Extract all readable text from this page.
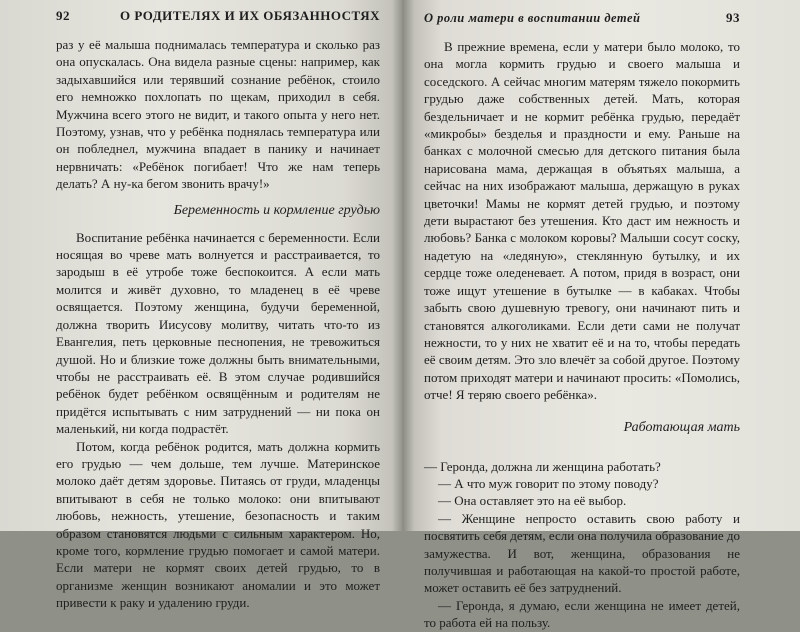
92	О РОДИТЕЛЯХ И ИХ ОБЯЗАННОСТЯХ

раз у её малыша поднималась температура и сколько раз она опускалась. Она видела разные сцены: например, как задыхавшийся или терявший сознание ребёнок, стоило его немножко похлопать по щекам, приходил в себя. Мужчина всего этого не видит, и такого опыта у него нет. Поэтому, узнав, что у ребёнка поднялась температура или он побледнел, мужчина впадает в панику и начинает нервничать: «Ребёнок погибает! Что же нам теперь делать? А ну-ка бегом звонить врачу!»

Беременность и кормление грудью

Воспитание ребёнка начинается с беременности. Если носящая во чреве мать волнуется и расстраивается, то зародыш в её утробе тоже беспокоится. А если мать молится и живёт духовно, то младенец в её чреве освящается. Поэтому женщина, будучи беременной, должна творить Иисусову молитву, читать что-то из Евангелия, петь церковные песнопения, не тревожиться душой. Но и близкие тоже должны быть внимательными, чтобы не расстраивать её. В этом случае родившийся ребёнок будет ребёнком освящённым и родителям не придётся испытывать с ним затруднений — ни пока он маленький, ни когда подрастёт.

Потом, когда ребёнок родится, мать должна кормить его грудью — чем дольше, тем лучше. Материнское молоко даёт детям здоровье. Питаясь от груди, младенцы впитывают в себя не только молоко: они впитывают любовь, нежность, утешение, безопасность и таким образом становятся людьми с сильным характером. Но, кроме того, кормление грудью помогает и самой матери. Если матери не кормят своих детей грудью, то в организме женщин возникают аномалии и это может привести к раку и удалению груди.

О роли матери в воспитании детей	93

В прежние времена, если у матери было молоко, то она могла кормить грудью и своего малыша и соседского. А сейчас многим матерям тяжело покормить грудью даже собственных детей. Мать, которая бездельничает и не кормит ребёнка грудью, передаёт «микробы» безделья и праздности и ему. Раньше на банках с молочной смесью для детского питания была нарисована мама, держащая в объятьях малыша, а сейчас на них изображают малыша, держащую в руках цветочки! Мамы не кормят детей грудью, и поэтому дети вырастают без утешения. Кто даст им нежность и любовь? Банка с молоком коровы? Малыши сосут соску, надетую на «ледяную», стеклянную бутылку, и их сердце тоже оледеневает. А потом, придя в возраст, они тоже ищут утешение в бутылке — в кабаках. Чтобы забыть свою душевную тревогу, они начинают пить и становятся алкоголиками. Если дети сами не получат нежности, то у них не хватит её и на то, чтобы передать её своим детям. Это зло влечёт за собой другое. Поэтому потом приходят матери и начинают просить: «Помолись, отче! Я теряю своего ребёнка».

Работающая мать

— Геронда, должна ли женщина работать?

— А что муж говорит по этому поводу?

— Она оставляет это на её выбор.

— Женщине непросто оставить свою работу и посвятить себя детям, если она получила образование до замужества. И вот, женщина, образования не получившая и работающая на какой-то простой работе, может оставить её без затруднений.

— Геронда, я думаю, если женщина не имеет детей, то работа ей на пользу.
